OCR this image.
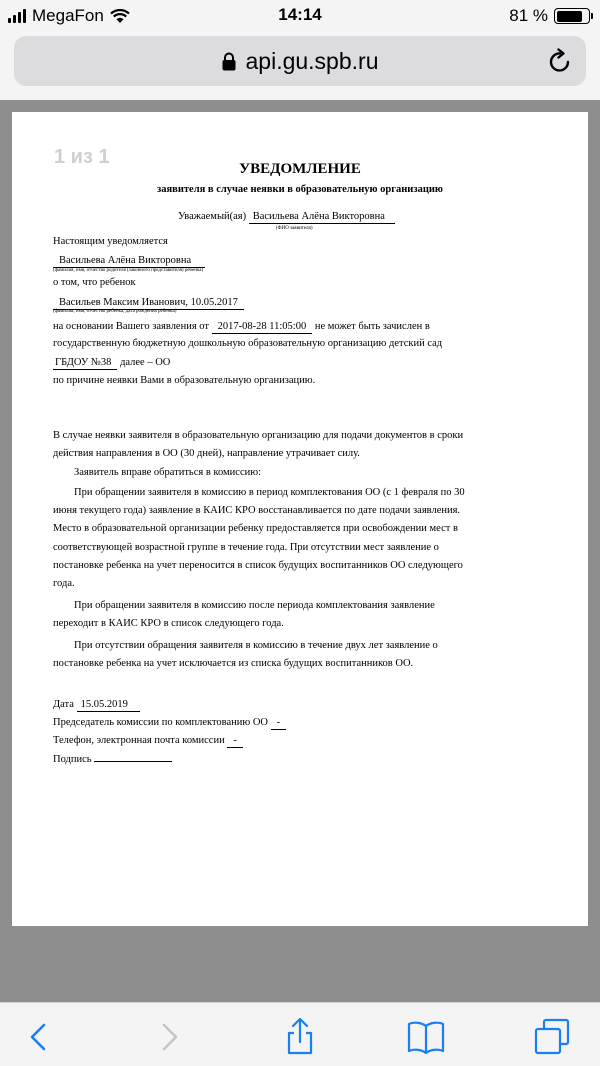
MegaFon	14:14	81 %
api.gu.spb.ru
1 из 1
УВЕДОМЛЕНИЕ
заявителя в случае неявки в образовательную организацию
Уважаемый(ая) Васильева Алёна Викторовна
(ФИО заявителя)
Настоящим уведомляется
Васильева Алёна Викторовна
(фамилия, имя, отчество родителя (законного представителя) ребенка)
о том, что ребенок
Васильев Максим Иванович, 10.05.2017
(фамилия, имя, отчество ребенка, дата рождения ребенка)
на основании Вашего заявления от 2017-08-28 11:05:00 не может быть зачислен в
государственную бюджетную дошкольную образовательную организацию детский сад
ГБДОУ №38 далее – ОО
по причине неявки Вами в образовательную организацию.
В случае неявки заявителя в образовательную организацию для подачи документов в сроки
действия направления в ОО (30 дней), направление утрачивает силу.
Заявитель вправе обратиться в комиссию:
При обращении заявителя в комиссию в период комплектования ОО (с 1 февраля по 30
июня текущего года) заявление в КАИС КРО восстанавливается по дате подачи заявления.
Место в образовательной организации ребенку предоставляется при освобождении мест в
соответствующей возрастной группе в течение года. При отсутствии мест заявление о
постановке ребенка на учет переносится в список будущих воспитанников ОО следующего
года.
При обращении заявителя в комиссию после периода комплектования заявление
переходит в КАИС КРО в список следующего года.
При отсутствии обращения заявителя в комиссию в течение двух лет заявление о
постановке ребенка на учет исключается из списка будущих воспитанников ОО.
Дата 15.05.2019
Председатель комиссии по комплектованию ОО -
Телефон, электронная почта комиссии -
Подпись
